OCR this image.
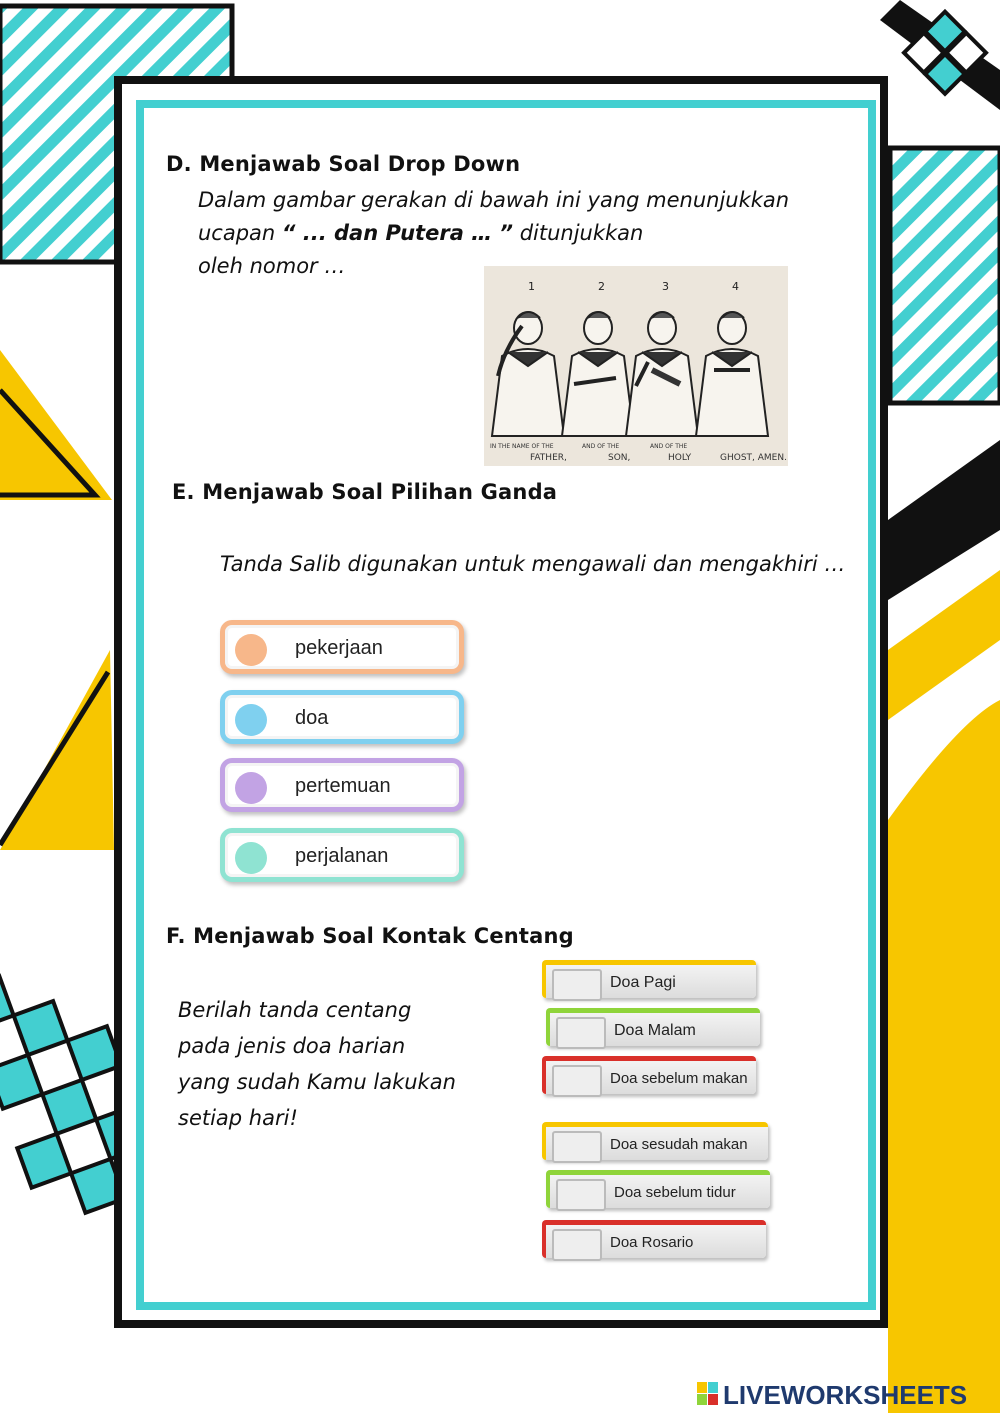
D. Menjawab Soal Drop Down
Dalam gambar gerakan di bawah ini yang menunjukkan
ucapan “ ... dan Putera … ” ditunjukkan
oleh nomor …
1	2	3	4
IN THE NAME OF THE	AND OF THE	AND OF THE
FATHER,	SON,	HOLY	GHOST, AMEN.
E. Menjawab Soal Pilihan Ganda
Tanda Salib digunakan untuk mengawali dan mengakhiri …
pekerjaan
doa
pertemuan
perjalanan
F. Menjawab Soal Kontak Centang
Berilah tanda centang
pada jenis doa harian
yang sudah Kamu lakukan
setiap hari!
Doa Pagi
Doa Malam
Doa sebelum makan
Doa sesudah makan
Doa sebelum tidur
Doa Rosario
LIVEWORKSHEETS
